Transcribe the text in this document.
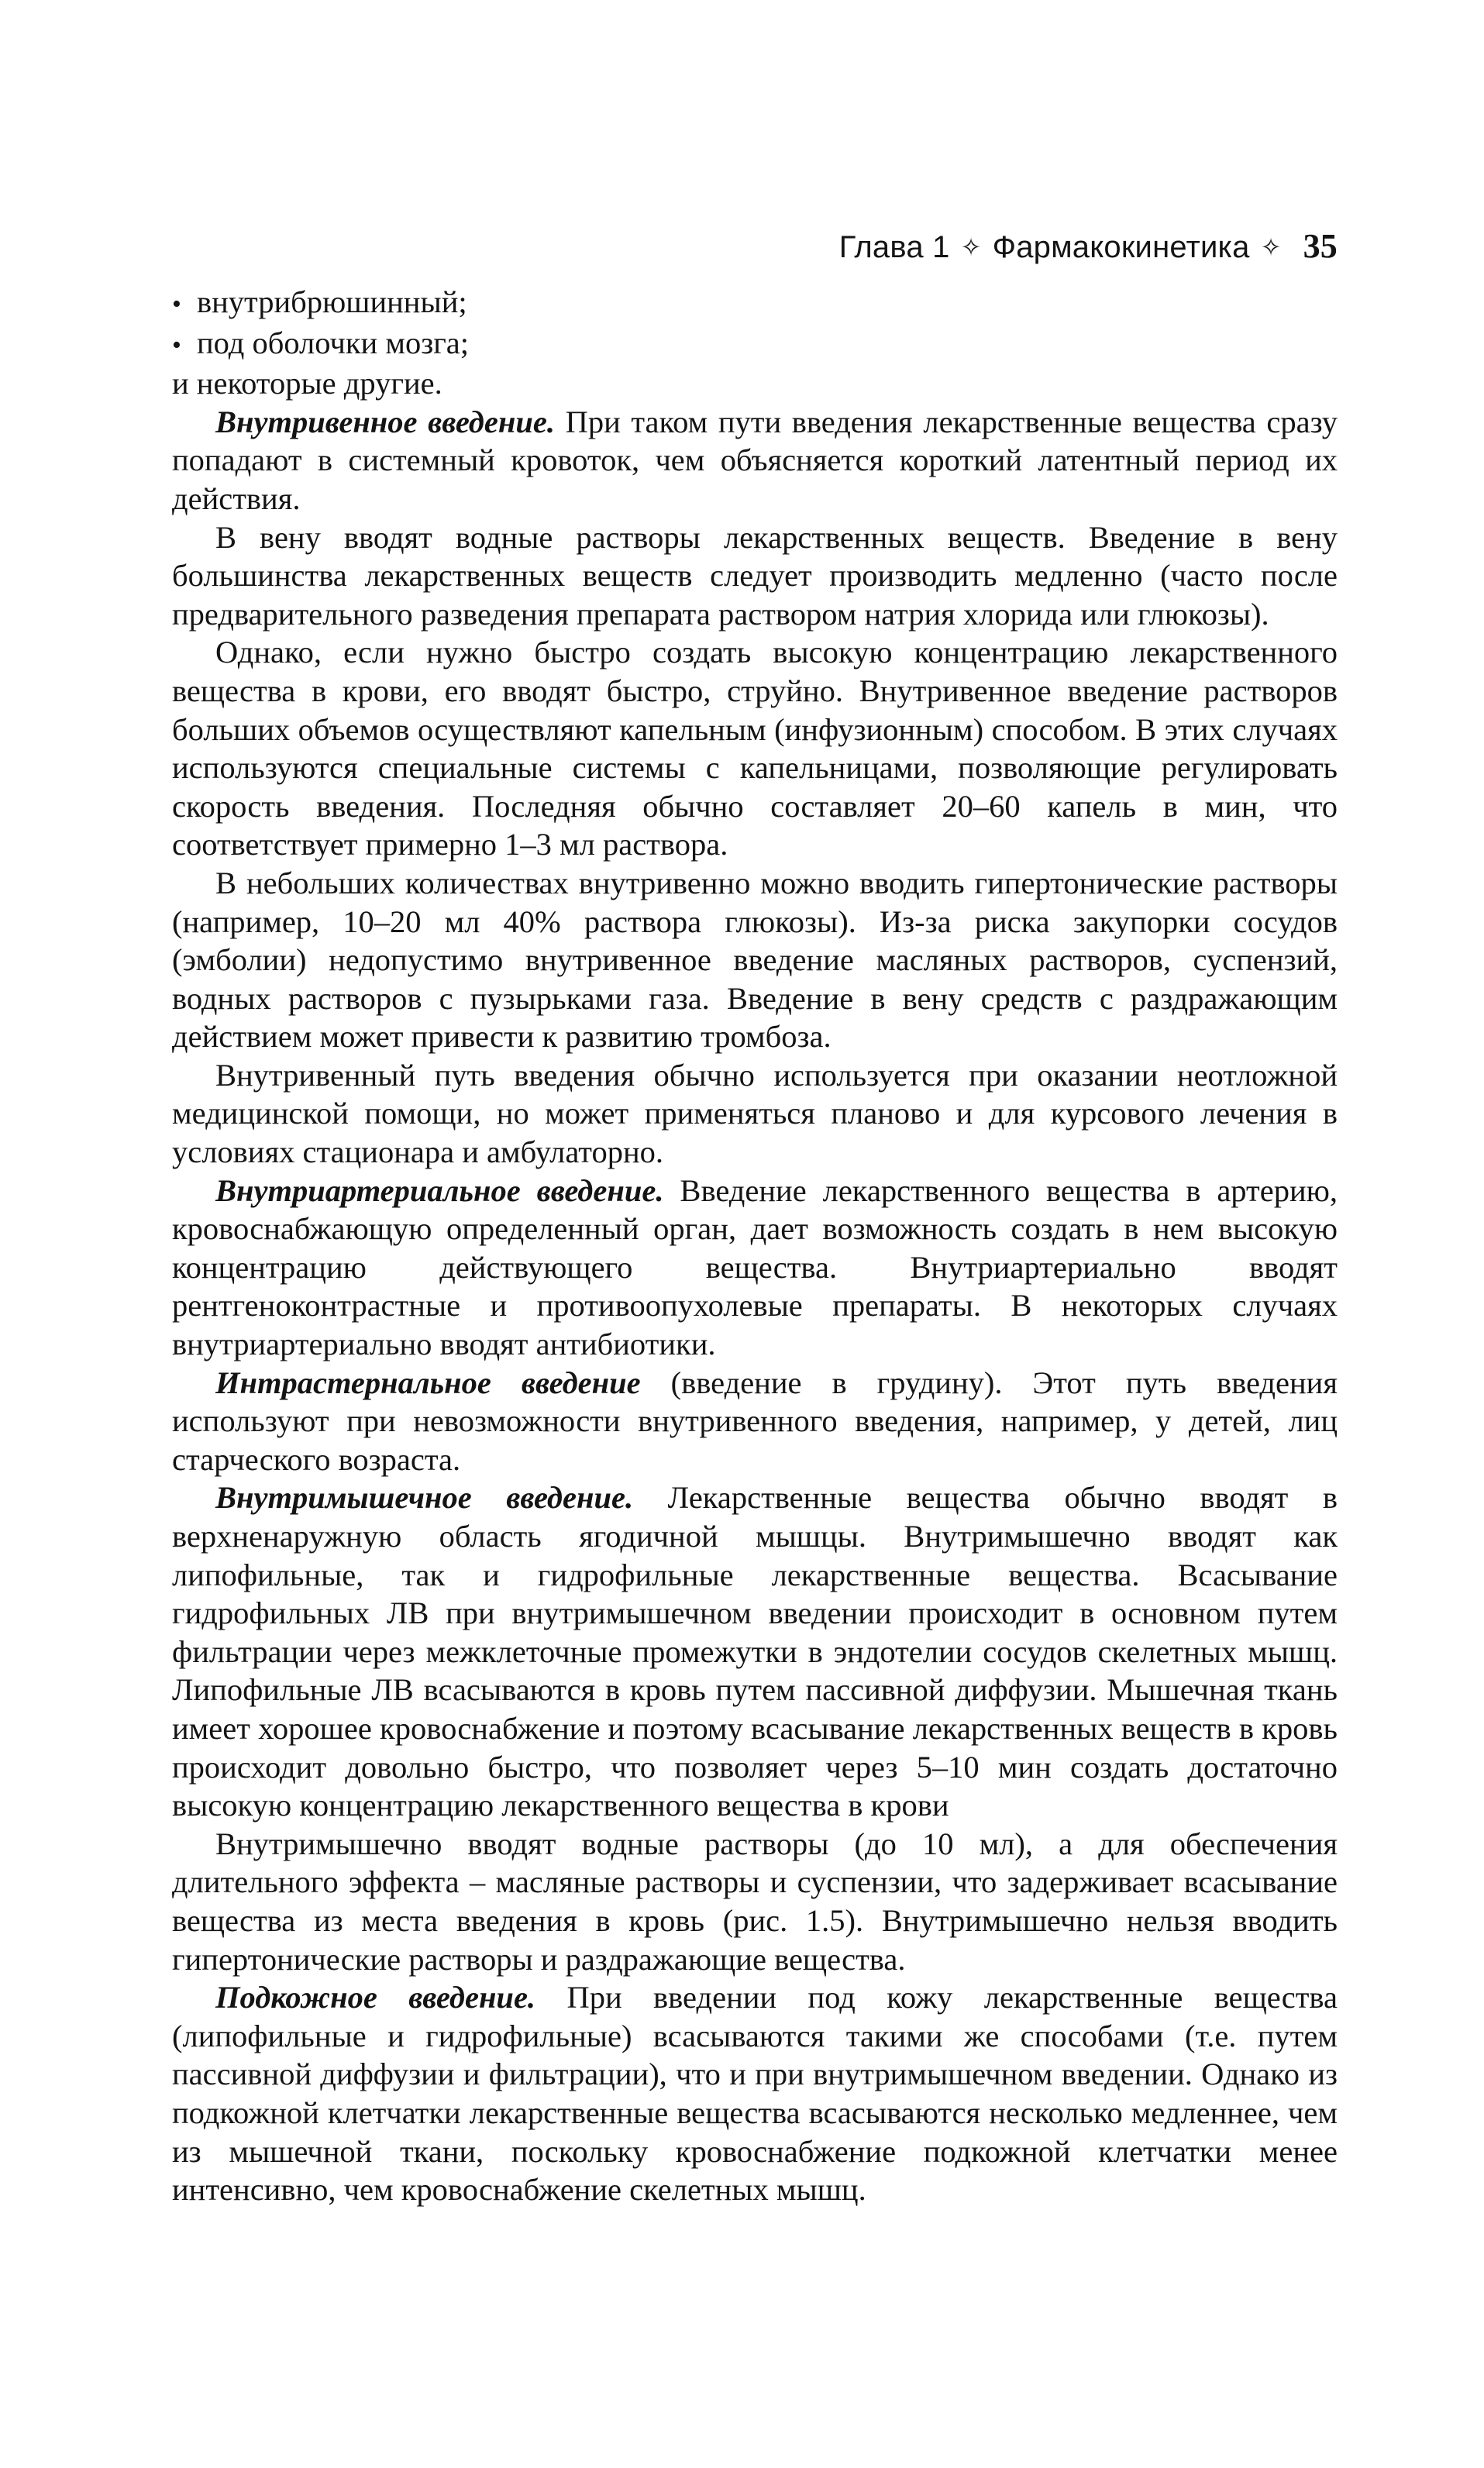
Глава 1 ✧ Фармакокинетика ✧ 35
• внутрибрюшинный;
• под оболочки мозга;

и некоторые другие.

Внутривенное введение. При таком пути введения лекарственные вещества сразу попадают в системный кровоток, чем объясняется короткий латентный период их действия.

В вену вводят водные растворы лекарственных веществ. Введение в вену большинства лекарственных веществ следует производить медленно (часто после предварительного разведения препарата раствором натрия хлорида или глюкозы).

Однако, если нужно быстро создать высокую концентрацию лекарственного вещества в крови, его вводят быстро, струйно. Внутривенное введение растворов больших объемов осуществляют капельным (инфузионным) способом. В этих случаях используются специальные системы с капельницами, позволяющие регулировать скорость введения. Последняя обычно составляет 20–60 капель в мин, что соответствует примерно 1–3 мл раствора.

В небольших количествах внутривенно можно вводить гипертонические растворы (например, 10–20 мл 40% раствора глюкозы). Из-за риска закупорки сосудов (эмболии) недопустимо внутривенное введение масляных растворов, суспензий, водных растворов с пузырьками газа. Введение в вену средств с раздражающим действием может привести к развитию тромбоза.

Внутривенный путь введения обычно используется при оказании неотложной медицинской помощи, но может применяться планово и для курсового лечения в условиях стационара и амбулаторно.

Внутриартериальное введение. Введение лекарственного вещества в артерию, кровоснабжающую определенный орган, дает возможность создать в нем высокую концентрацию действующего вещества. Внутриартериально вводят рентгеноконтрастные и противоопухолевые препараты. В некоторых случаях внутриартериально вводят антибиотики.

Интрастернальное введение (введение в грудину). Этот путь введения используют при невозможности внутривенного введения, например, у детей, лиц старческого возраста.

Внутримышечное введение. Лекарственные вещества обычно вводят в верхненаружную область ягодичной мышцы. Внутримышечно вводят как липофильные, так и гидрофильные лекарственные вещества. Всасывание гидрофильных ЛВ при внутримышечном введении происходит в основном путем фильтрации через межклеточные промежутки в эндотелии сосудов скелетных мышц. Липофильные ЛВ всасываются в кровь путем пассивной диффузии. Мышечная ткань имеет хорошее кровоснабжение и поэтому всасывание лекарственных веществ в кровь происходит довольно быстро, что позволяет через 5–10 мин создать достаточно высокую концентрацию лекарственного вещества в крови

Внутримышечно вводят водные растворы (до 10 мл), а для обеспечения длительного эффекта – масляные растворы и суспензии, что задерживает всасывание вещества из места введения в кровь (рис. 1.5). Внутримышечно нельзя вводить гипертонические растворы и раздражающие вещества.

Подкожное введение. При введении под кожу лекарственные вещества (липофильные и гидрофильные) всасываются такими же способами (т.е. путем пассивной диффузии и фильтрации), что и при внутримышечном введении. Однако из подкожной клетчатки лекарственные вещества всасываются несколько медленнее, чем из мышечной ткани, поскольку кровоснабжение подкожной клетчатки менее интенсивно, чем кровоснабжение скелетных мышц.
